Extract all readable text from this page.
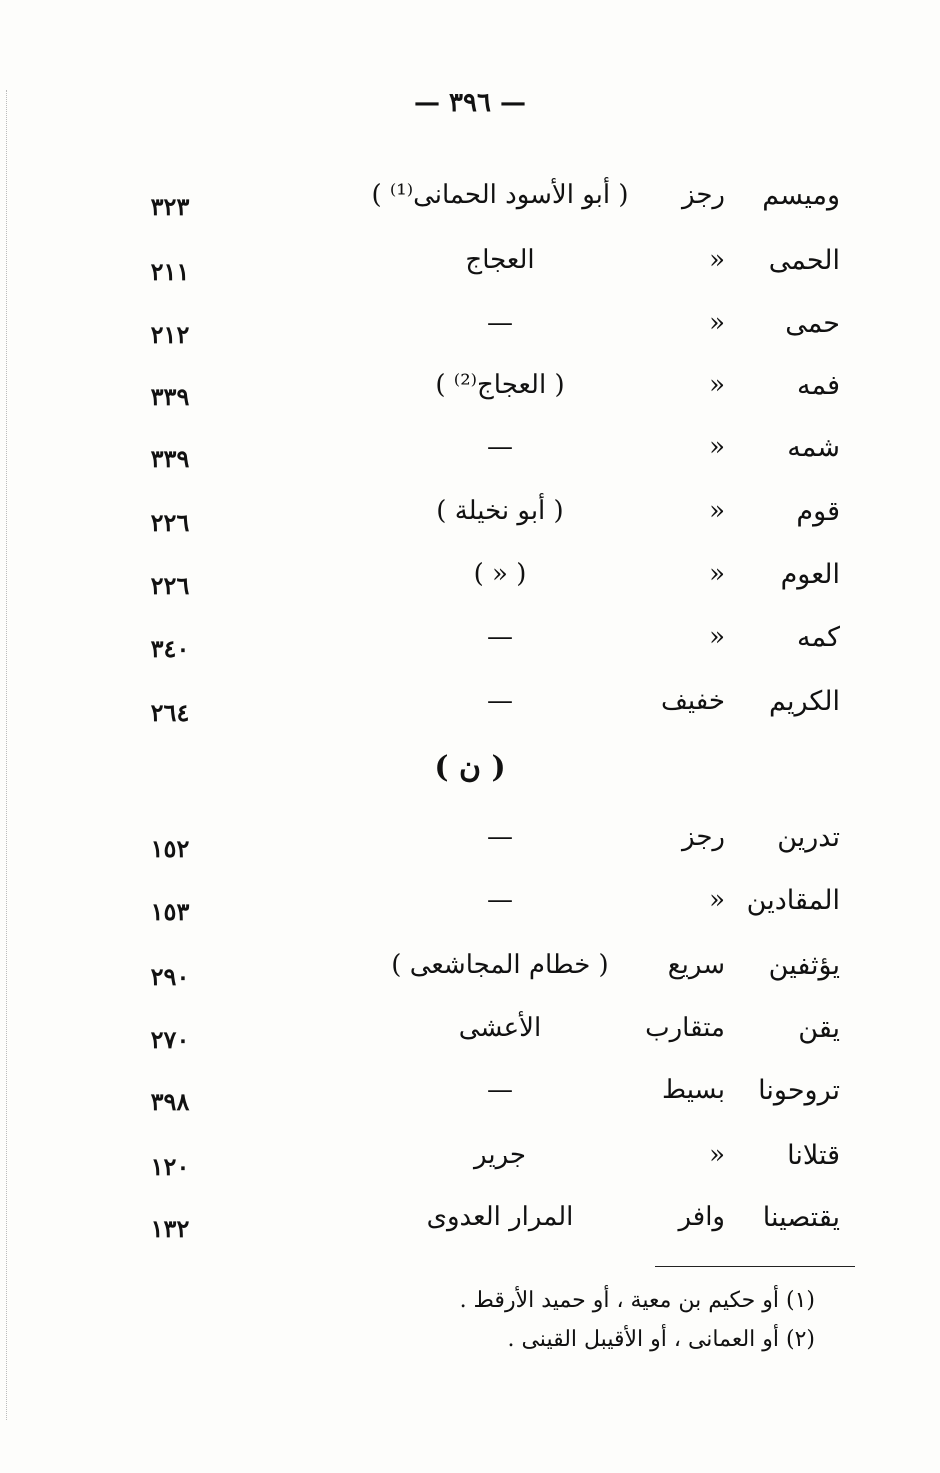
— ٣٩٦ —
وميسم
رجز
( أبو الأسود الحمانى⁽¹⁾ )
٣٢٣
الحمى
«
العجاج
٢١١
حمى
«
—
٢١٢
فمه
«
( العجاج⁽²⁾ )
٣٣٩
شمه
«
—
٣٣٩
قوم
«
( أبو نخيلة )
٢٢٦
العوم
«
( « )
٢٢٦
كمه
«
—
٣٤٠
الكريم
خفيف
—
٢٦٤
( ن )
تدرين
رجز
—
١٥٢
المقادين
«
—
١٥٣
يؤثفين
سريع
( خطام المجاشعى )
٢٩٠
يقن
متقارب
الأعشى
٢٧٠
تروحونا
بسيط
—
٣٩٨
قتلانا
«
جرير
١٢٠
يقتصينا
وافر
المرار العدوى
١٣٢
(١) أو حكيم بن معية ، أو حميد الأرقط .
(٢) أو العمانى ، أو الأقيبل القينى .
